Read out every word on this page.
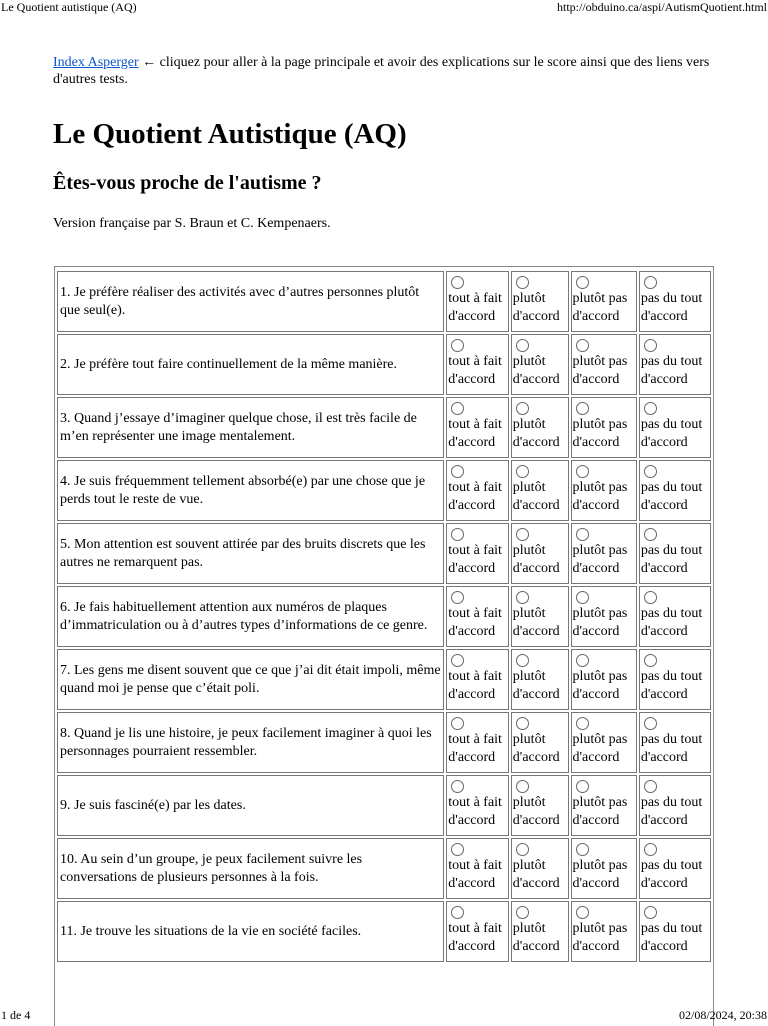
Le Quotient autistique (AQ)	http://obduino.ca/aspi/AutismQuotient.html

Index Asperger ← cliquez pour aller à la page principale et avoir des explications sur le score ainsi que des liens vers d'autres tests.

Le Quotient Autistique (AQ)
Êtes-vous proche de l'autisme ?

Version française par S. Braun et C. Kempenaers.

1. Je préfère réaliser des activités avec d’autres personnes plutôt que seul(e).	tout à fait
d'accord	plutôt
d'accord	plutôt pas
d'accord	pas du tout
d'accord

2. Je préfère tout faire continuellement de la même manière.	tout à fait
d'accord	plutôt
d'accord	plutôt pas
d'accord	pas du tout
d'accord

3. Quand j’essaye d’imaginer quelque chose, il est très facile de m’en représenter une image mentalement.	tout à fait
d'accord	plutôt
d'accord	plutôt pas
d'accord	pas du tout
d'accord

4. Je suis fréquemment tellement absorbé(e) par une chose que je perds tout le reste de vue.	tout à fait
d'accord	plutôt
d'accord	plutôt pas
d'accord	pas du tout
d'accord

5. Mon attention est souvent attirée par des bruits discrets que les autres ne remarquent pas.	tout à fait
d'accord	plutôt
d'accord	plutôt pas
d'accord	pas du tout
d'accord

6. Je fais habituellement attention aux numéros de plaques d’immatriculation ou à d’autres types d’informations de ce genre.	tout à fait
d'accord	plutôt
d'accord	plutôt pas
d'accord	pas du tout
d'accord

7. Les gens me disent souvent que ce que j’ai dit était impoli, même quand moi je pense que c’était poli.	tout à fait
d'accord	plutôt
d'accord	plutôt pas
d'accord	pas du tout
d'accord

8. Quand je lis une histoire, je peux facilement imaginer à quoi les personnages pourraient ressembler.	tout à fait
d'accord	plutôt
d'accord	plutôt pas
d'accord	pas du tout
d'accord

9. Je suis fasciné(e) par les dates.	tout à fait
d'accord	plutôt
d'accord	plutôt pas
d'accord	pas du tout
d'accord

10. Au sein d’un groupe, je peux facilement suivre les conversations de plusieurs personnes à la fois.	tout à fait
d'accord	plutôt
d'accord	plutôt pas
d'accord	pas du tout
d'accord

11. Je trouve les situations de la vie en société faciles.	tout à fait
d'accord	plutôt
d'accord	plutôt pas
d'accord	pas du tout
d'accord
1 de 4	02/08/2024, 20:38
